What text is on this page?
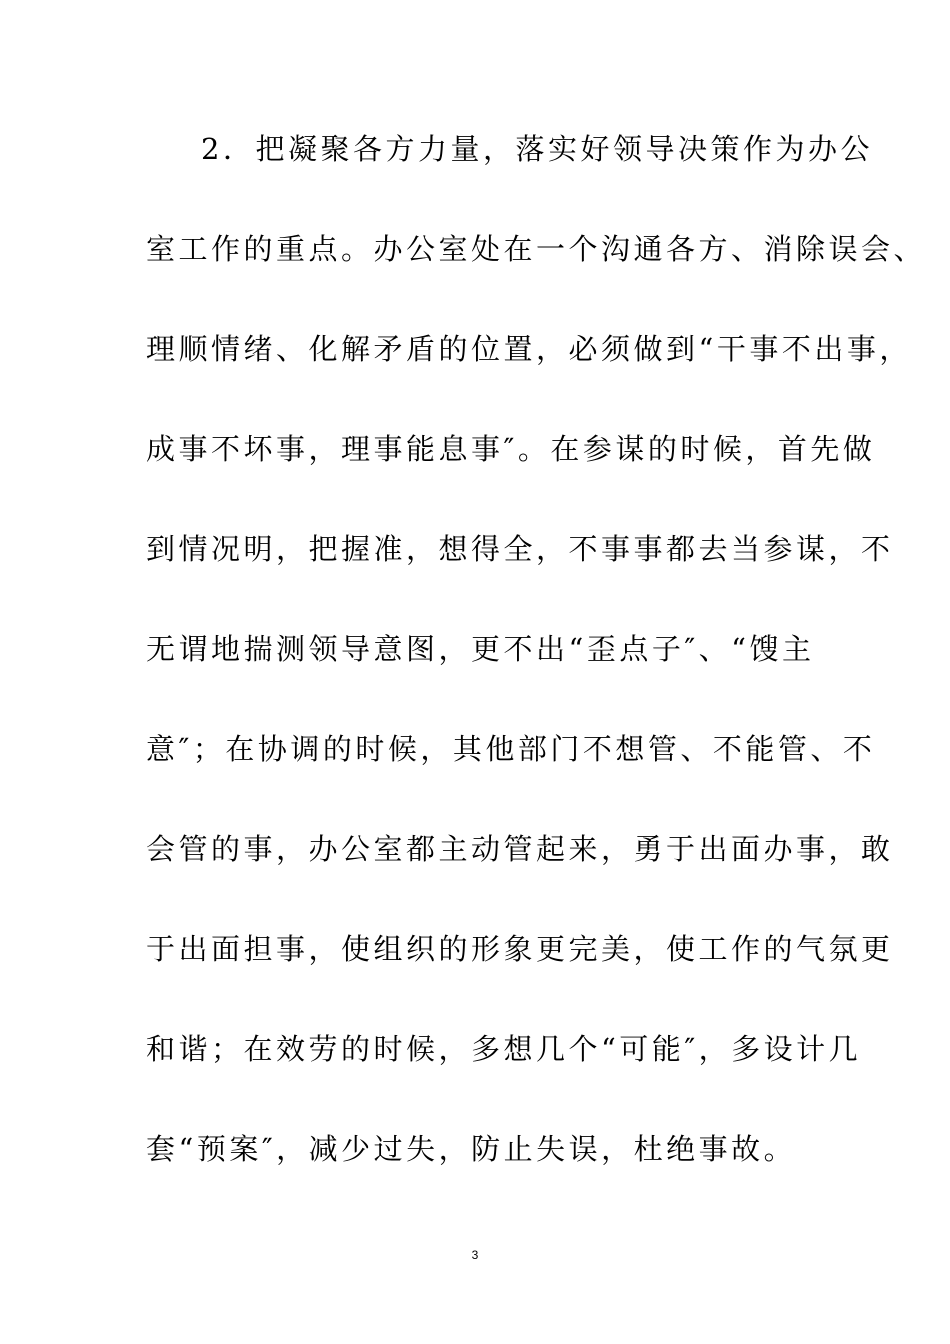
2．把凝聚各方力量，落实好领导决策作为办公
室工作的重点。办公室处在一个沟通各方、消除误会、
理顺情绪、化解矛盾的位置，必须做到“干事不出事，
成事不坏事，理事能息事″。在参谋的时候，首先做
到情况明，把握准，想得全，不事事都去当参谋，不
无谓地揣测领导意图，更不出“歪点子″、“馊主
意″；在协调的时候，其他部门不想管、不能管、不
会管的事，办公室都主动管起来，勇于出面办事，敢
于出面担事，使组织的形象更完美，使工作的气氛更
和谐；在效劳的时候，多想几个“可能″，多设计几
套“预案″，减少过失，防止失误，杜绝事故。
3
